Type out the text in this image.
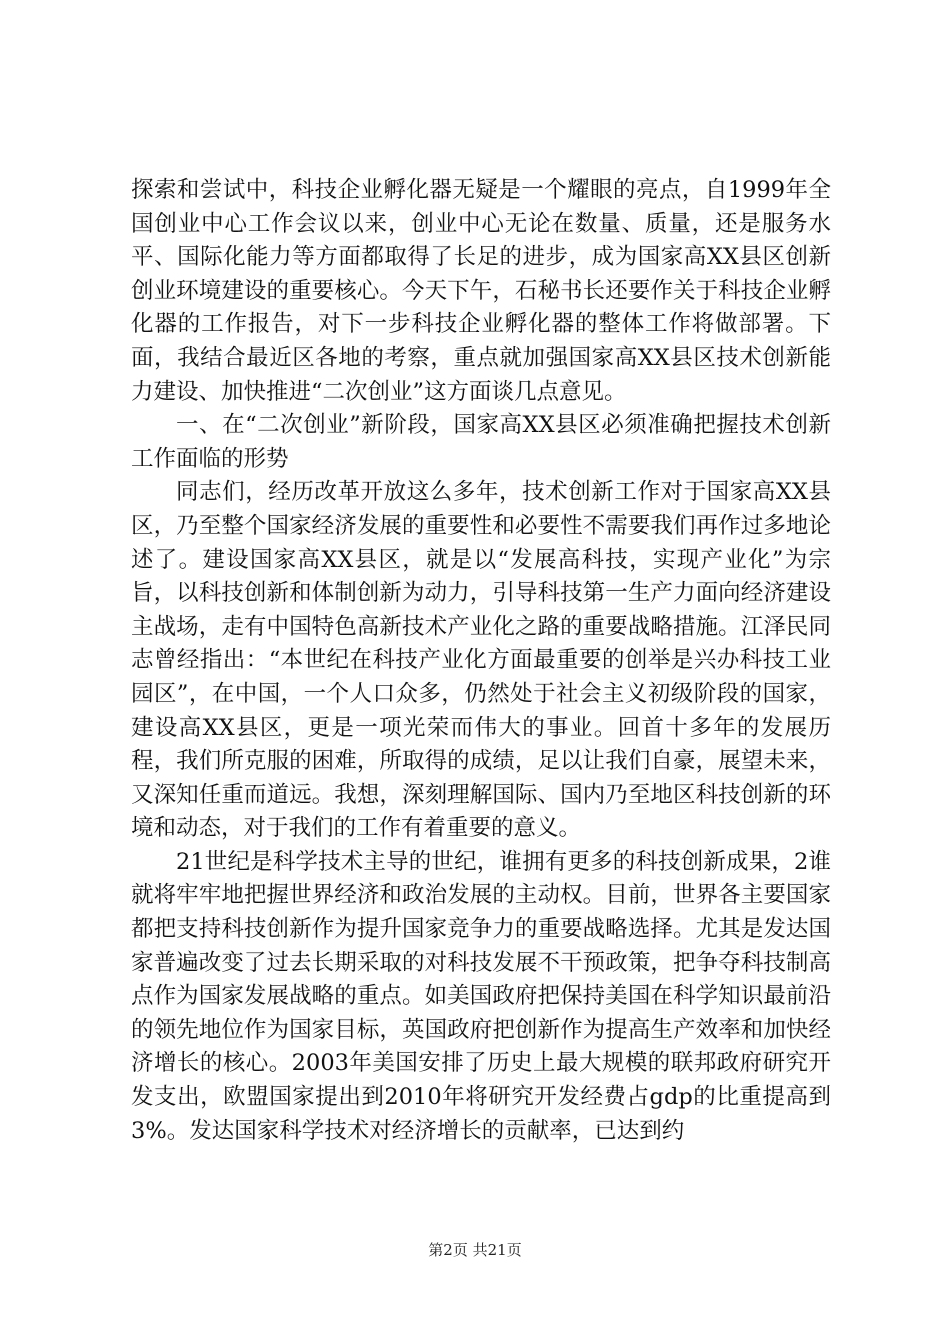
探索和尝试中，科技企业孵化器无疑是一个耀眼的亮点，自1999年全国创业中心工作会议以来，创业中心无论在数量、质量，还是服务水平、国际化能力等方面都取得了长足的进步，成为国家高XX县区创新创业环境建设的重要核心。今天下午，石秘书长还要作关于科技企业孵化器的工作报告，对下一步科技企业孵化器的整体工作将做部署。下面，我结合最近区各地的考察，重点就加强国家高XX县区技术创新能力建设、加快推进“二次创业”这方面谈几点意见。

一、在“二次创业”新阶段，国家高XX县区必须准确把握技术创新工作面临的形势

同志们，经历改革开放这么多年，技术创新工作对于国家高XX县区，乃至整个国家经济发展的重要性和必要性不需要我们再作过多地论述了。建设国家高XX县区，就是以“发展高科技，实现产业化”为宗旨，以科技创新和体制创新为动力，引导科技第一生产力面向经济建设主战场，走有中国特色高新技术产业化之路的重要战略措施。江泽民同志曾经指出：“本世纪在科技产业化方面最重要的创举是兴办科技工业园区”，在中国，一个人口众多，仍然处于社会主义初级阶段的国家，建设高XX县区，更是一项光荣而伟大的事业。回首十多年的发展历程，我们所克服的困难，所取得的成绩，足以让我们自豪，展望未来，又深知任重而道远。我想，深刻理解国际、国内乃至地区科技创新的环境和动态，对于我们的工作有着重要的意义。

21世纪是科学技术主导的世纪，谁拥有更多的科技创新成果，2谁就将牢牢地把握世界经济和政治发展的主动权。目前，世界各主要国家都把支持科技创新作为提升国家竞争力的重要战略选择。尤其是发达国家普遍改变了过去长期采取的对科技发展不干预政策，把争夺科技制高点作为国家发展战略的重点。如美国政府把保持美国在科学知识最前沿的领先地位作为国家目标，英国政府把创新作为提高生产效率和加快经济增长的核心。2003年美国安排了历史上最大规模的联邦政府研究开发支出，欧盟国家提出到2010年将研究开发经费占gdp的比重提高到3%。发达国家科学技术对经济增长的贡献率，已达到约

第2页 共21页
